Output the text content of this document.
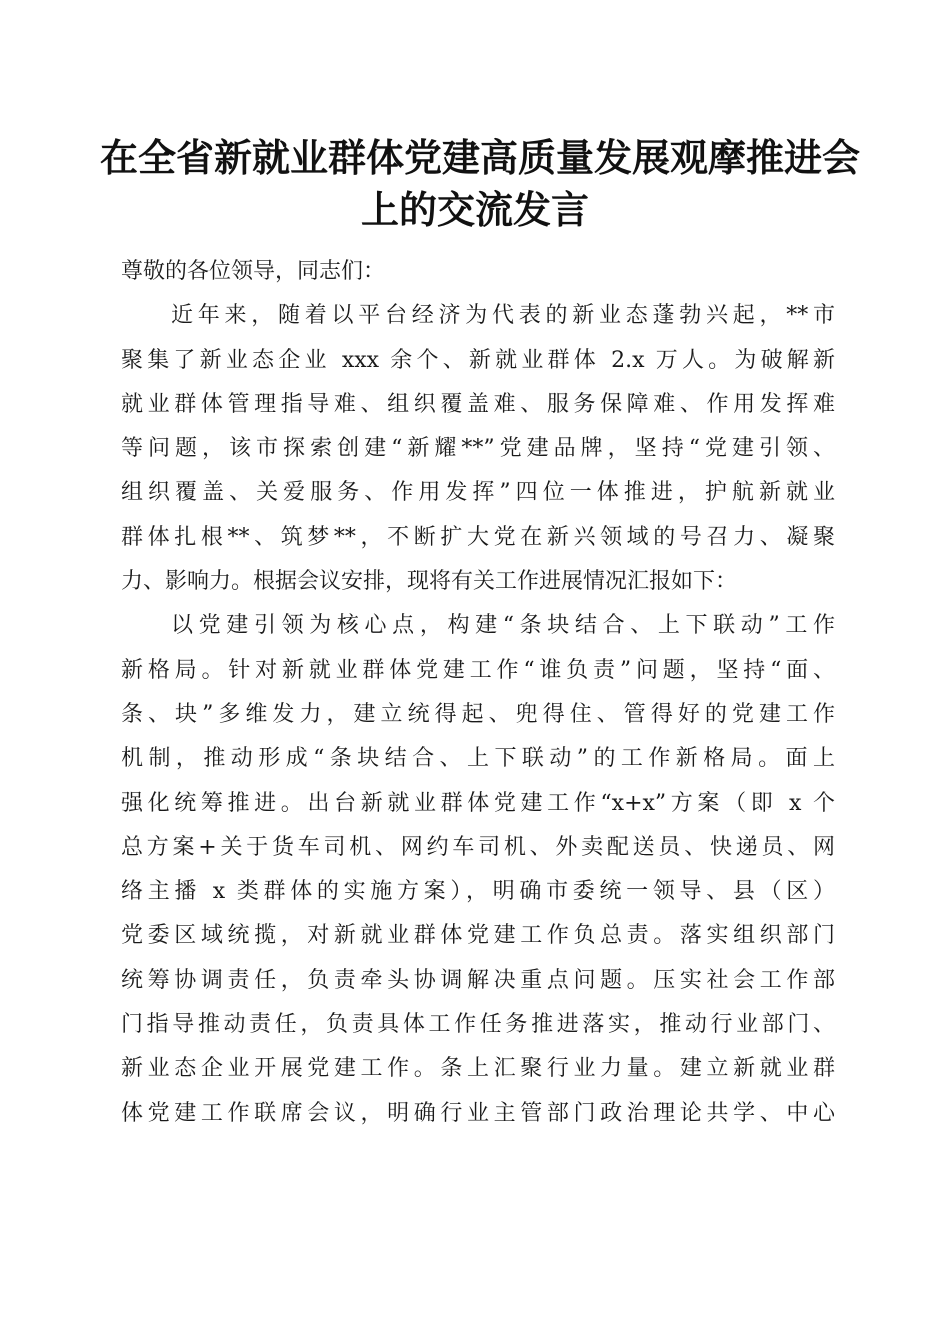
在全省新就业群体党建高质量发展观摩推进会
上的交流发言
尊敬的各位领导，同志们：
近年来，随着以平台经济为代表的新业态蓬勃兴起，**市
聚集了新业态企业 xxx 余个、新就业群体 2.x 万人。为破解新
就业群体管理指导难、组织覆盖难、服务保障难、作用发挥难
等问题，该市探索创建“新耀**”党建品牌，坚持“党建引领、
组织覆盖、关爱服务、作用发挥”四位一体推进，护航新就业
群体扎根**、筑梦**，不断扩大党在新兴领域的号召力、凝聚
力、影响力。根据会议安排，现将有关工作进展情况汇报如下：
以党建引领为核心点，构建“条块结合、上下联动”工作
新格局。针对新就业群体党建工作“谁负责”问题，坚持“面、
条、块”多维发力，建立统得起、兜得住、管得好的党建工作
机制，推动形成“条块结合、上下联动”的工作新格局。面上
强化统筹推进。出台新就业群体党建工作“x+x”方案（即 x 个
总方案+关于货车司机、网约车司机、外卖配送员、快递员、网
络主播 x 类群体的实施方案），明确市委统一领导、县（区）
党委区域统揽，对新就业群体党建工作负总责。落实组织部门
统筹协调责任，负责牵头协调解决重点问题。压实社会工作部
门指导推动责任，负责具体工作任务推进落实，推动行业部门、
新业态企业开展党建工作。条上汇聚行业力量。建立新就业群
体党建工作联席会议，明确行业主管部门政治理论共学、中心
